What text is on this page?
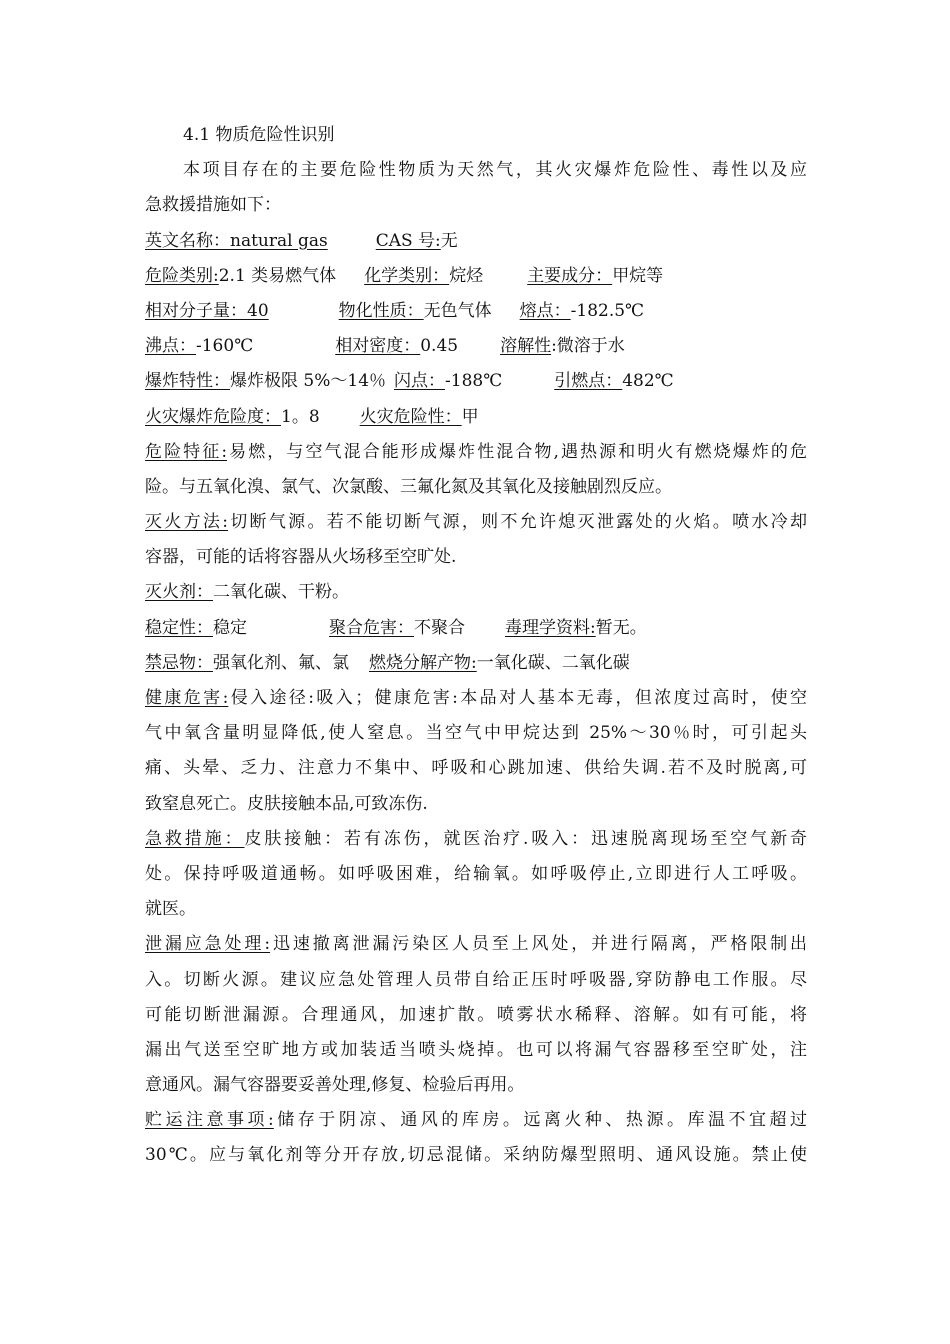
4.1 物质危险性识别
本项目存在的主要危险性物质为天然气，其火灾爆炸危险性、毒性以及应
急救援措施如下：
英文名称：natural gas	CAS 号:无
危险类别:2.1 类易燃气体 化学类别：烷烃	主要成分：甲烷等
相对分子量：40	物化性质：无色气体 熔点：-182.5℃
沸点：-160℃	相对密度：0.45 溶解性:微溶于水
爆炸特性：爆炸极限 5%～14％ 闪点：-188℃	引燃点：482℃
火灾爆炸危险度：1。8 火灾危险性：甲
危险特征:易燃，与空气混合能形成爆炸性混合物,遇热源和明火有燃烧爆炸的危
险。与五氧化溴、氯气、次氯酸、三氟化氮及其氧化及接触剧烈反应。
灭火方法:切断气源。若不能切断气源，则不允许熄灭泄露处的火焰。喷水冷却
容器，可能的话将容器从火场移至空旷处.
灭火剂：二氧化碳、干粉。
稳定性：稳定	聚合危害：不聚合 毒理学资料:暂无。
禁忌物：强氧化剂、氟、氯 燃烧分解产物:一氧化碳、二氧化碳
健康危害:侵入途径:吸入；健康危害:本品对人基本无毒，但浓度过高时，使空
气中氧含量明显降低,使人窒息。当空气中甲烷达到 25%～30％时，可引起头
痛、头晕、乏力、注意力不集中、呼吸和心跳加速、供给失调.若不及时脱离,可
致窒息死亡。皮肤接触本品,可致冻伤.
急救措施：皮肤接触：若有冻伤，就医治疗.吸入：迅速脱离现场至空气新奇
处。保持呼吸道通畅。如呼吸困难，给输氧。如呼吸停止,立即进行人工呼吸。
就医。
泄漏应急处理:迅速撤离泄漏污染区人员至上风处，并进行隔离，严格限制出
入。切断火源。建议应急处管理人员带自给正压时呼吸器,穿防静电工作服。尽
可能切断泄漏源。合理通风，加速扩散。喷雾状水稀释、溶解。如有可能，将
漏出气送至空旷地方或加装适当喷头烧掉。也可以将漏气容器移至空旷处，注
意通风。漏气容器要妥善处理,修复、检验后再用。
贮运注意事项:储存于阴凉、通风的库房。远离火种、热源。库温不宜超过
30℃。应与氧化剂等分开存放,切忌混储。采纳防爆型照明、通风设施。禁止使
